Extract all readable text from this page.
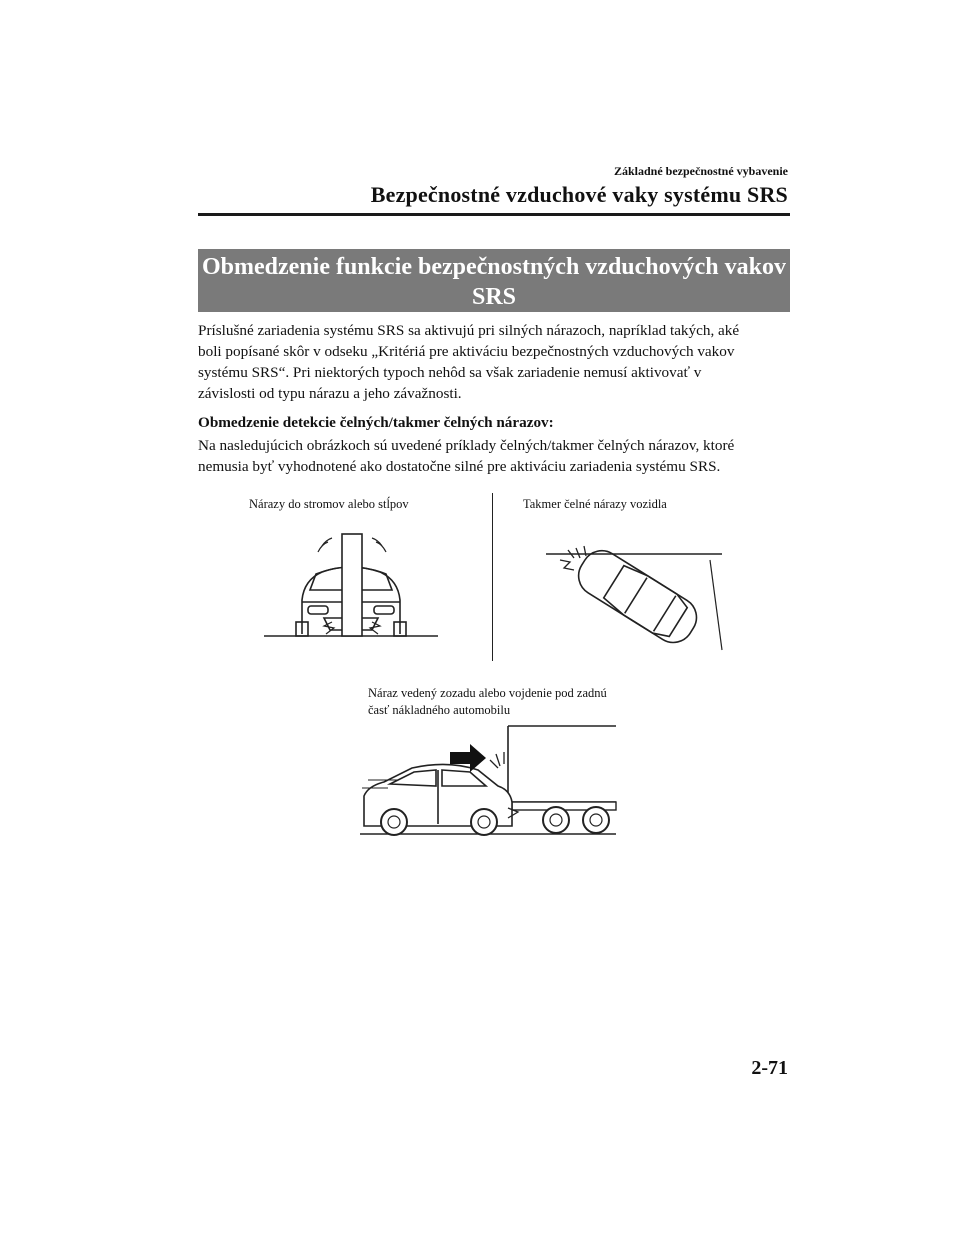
Základné bezpečnostné vybavenie
Bezpečnostné vzduchové vaky systému SRS
Obmedzenie funkcie bezpečnostných vzduchových vakov
SRS
Príslušné zariadenia systému SRS sa aktivujú pri silných nárazoch, napríklad takých, aké
boli popísané skôr v odseku „Kritériá pre aktiváciu bezpečnostných vzduchových vakov
systému SRS“. Pri niektorých typoch nehôd sa však zariadenie nemusí aktivovať v
závislosti od typu nárazu a jeho závažnosti.
Obmedzenie detekcie čelných/takmer čelných nárazov:
Na nasledujúcich obrázkoch sú uvedené príklady čelných/takmer čelných nárazov, ktoré
nemusia byť vyhodnotené ako dostatočne silné pre aktiváciu zariadenia systému SRS.
Nárazy do stromov alebo stĺpov	Takmer čelné nárazy vozidla
Náraz vedený zozadu alebo vojdenie pod zadnú
časť nákladného automobilu
2-71
